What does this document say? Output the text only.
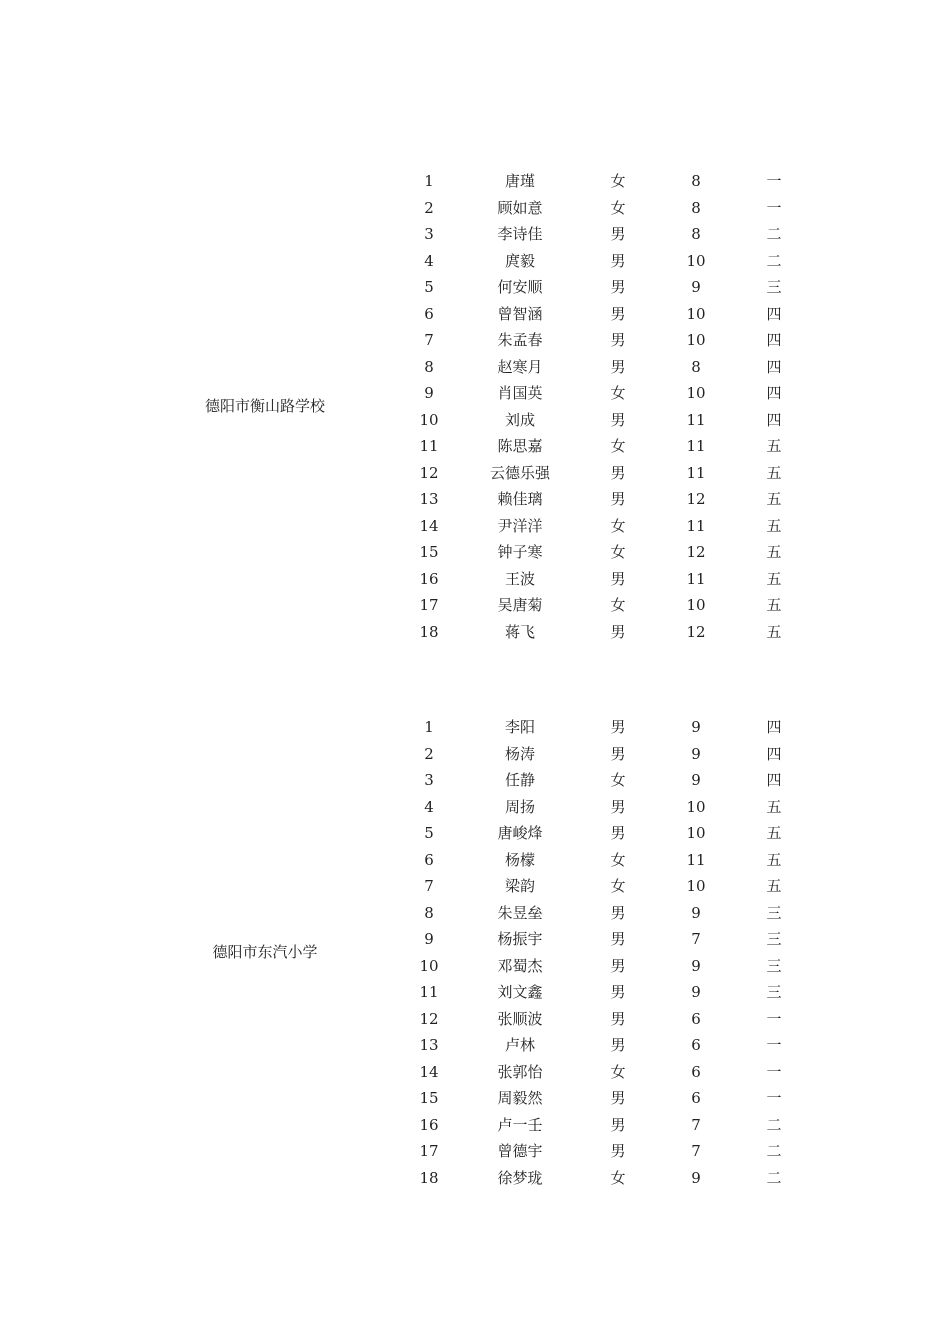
德阳市衡山路学校
1	唐瑾	女	8	一
2	顾如意	女	8	一
3	李诗佳	男	8	二
4	庹毅	男	10	二
5	何安顺	男	9	三
6	曾智涵	男	10	四
7	朱孟春	男	10	四
8	赵寒月	男	8	四
9	肖国英	女	10	四
10	刘成	男	11	四
11	陈思嘉	女	11	五
12	云德乐强	男	11	五
13	赖佳璃	男	12	五
14	尹洋洋	女	11	五
15	钟子寒	女	12	五
16	王波	男	11	五
17	吴唐菊	女	10	五
18	蒋飞	男	12	五
德阳市东汽小学
1	李阳	男	9	四
2	杨涛	男	9	四
3	任静	女	9	四
4	周扬	男	10	五
5	唐峻烽	男	10	五
6	杨檬	女	11	五
7	梁韵	女	10	五
8	朱昱垒	男	9	三
9	杨振宇	男	7	三
10	邓蜀杰	男	9	三
11	刘文鑫	男	9	三
12	张顺波	男	6	一
13	卢林	男	6	一
14	张郭怡	女	6	一
15	周毅然	男	6	一
16	卢一壬	男	7	二
17	曾德宇	男	7	二
18	徐梦珑	女	9	二
